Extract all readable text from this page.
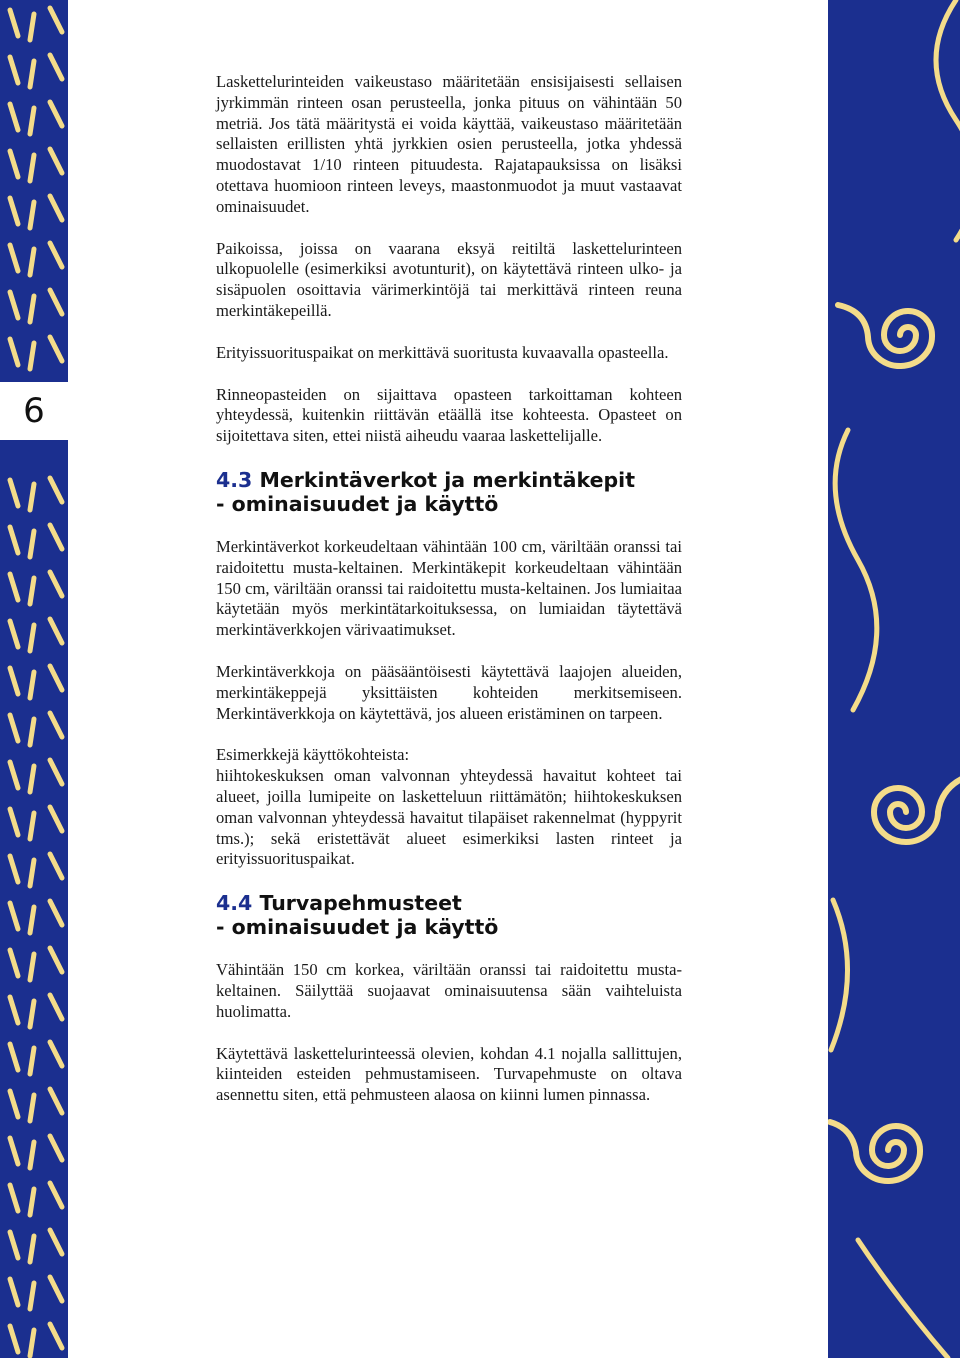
6

Laskettelurinteiden vaikeustaso määritetään ensisijaisesti sellaisen jyrkimmän rinteen osan perusteella, jonka pituus on vähintään 50 metriä. Jos tätä määritystä ei voida käyttää, vaikeustaso määritetään sellaisten erillisten yhtä jyrkkien osien perusteella, jotka yhdessä muodostavat 1/10 rinteen pituudesta. Rajatapauksissa on lisäksi otettava huomioon rinteen leveys, maastonmuodot ja muut vastaavat ominaisuudet.

Paikoissa, joissa on vaarana eksyä reitiltä laskettelurinteen ulkopuolelle (esimerkiksi avotunturit), on käytettävä rinteen ulko- ja sisäpuolen osoittavia värimerkintöjä tai merkittävä rinteen reuna merkintäkepeillä.

Erityissuorituspaikat on merkittävä suoritusta kuvaavalla opasteella.

Rinneopasteiden on sijaittava opasteen tarkoittaman kohteen yhteydessä, kuitenkin riittävän etäällä itse kohteesta. Opasteet on sijoitettava siten, ettei niistä aiheudu vaaraa laskettelijalle.

4.3 Merkintäverkot ja merkintäkepit
- ominaisuudet ja käyttö

Merkintäverkot korkeudeltaan vähintään 100 cm, väriltään oranssi tai raidoitettu musta-keltainen. Merkintäkepit korkeudeltaan vähintään 150 cm, väriltään oranssi tai raidoitettu musta-keltainen. Jos lumiaitaa käytetään myös merkintätarkoituksessa, on lumiaidan täytettävä merkintäverkkojen värivaatimukset.

Merkintäverkkoja on pääsääntöisesti käytettävä laajojen alueiden, merkintäkeppejä yksittäisten kohteiden merkitsemiseen. Merkintäverkkoja on käytettävä, jos alueen eristäminen on tarpeen.

Esimerkkejä käyttökohteista:
hiihtokeskuksen oman valvonnan yhteydessä havaitut kohteet tai alueet, joilla lumipeite on lasketteluun riittämätön; hiihtokeskuksen oman valvonnan yhteydessä havaitut tilapäiset rakennelmat (hyppyrit tms.); sekä eristettävät alueet esimerkiksi lasten rinteet ja erityissuorituspaikat.

4.4 Turvapehmusteet
- ominaisuudet ja käyttö

Vähintään 150 cm korkea, väriltään oranssi tai raidoitettu musta-keltainen. Säilyttää suojaavat ominaisuutensa sään vaihteluista huolimatta.

Käytettävä laskettelurinteessä olevien, kohdan 4.1 nojalla sallittujen, kiinteiden esteiden pehmustamiseen. Turvapehmuste on oltava asennettu siten, että pehmusteen alaosa on kiinni lumen pinnassa.
